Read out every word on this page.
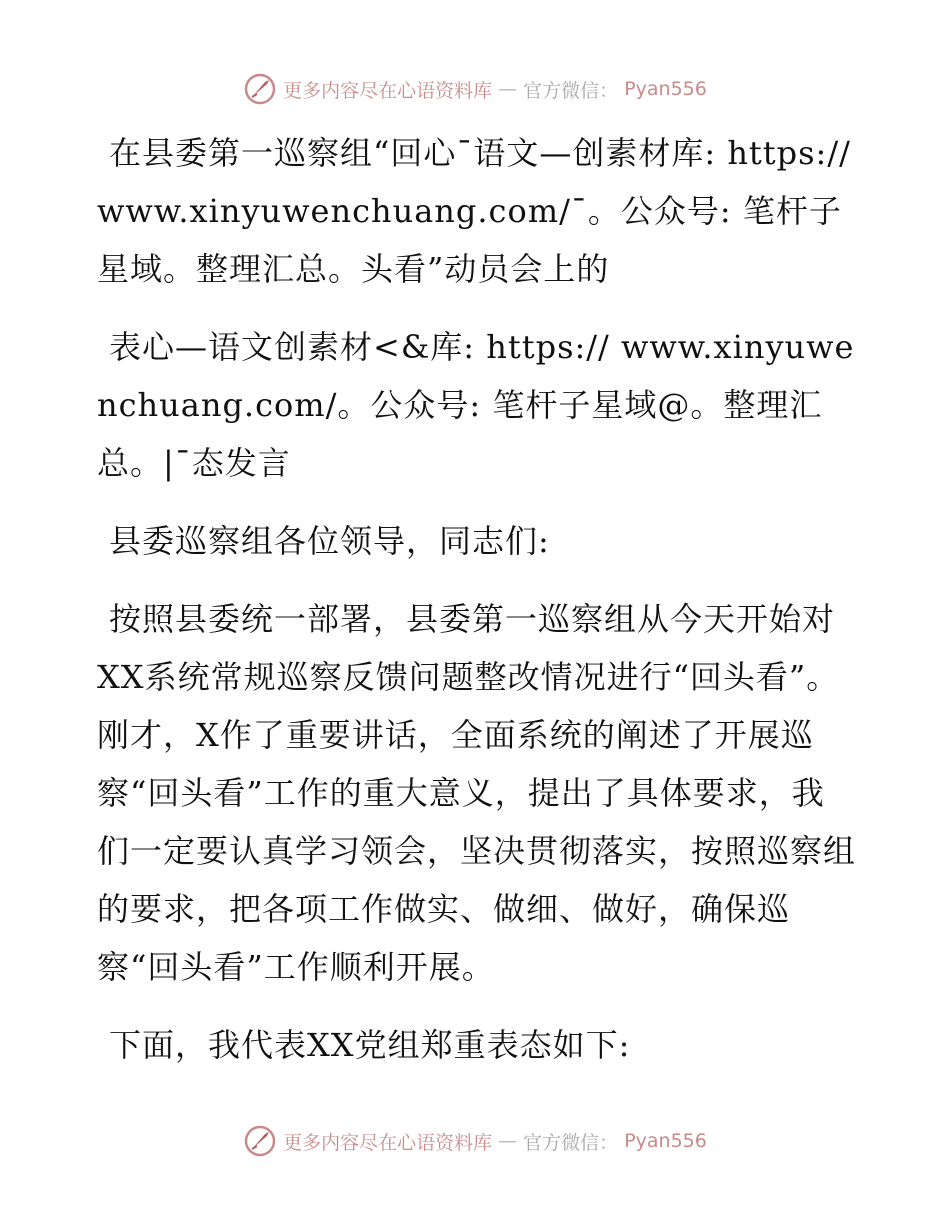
更多内容尽在心语资料库 — 官方微信： Pyan556

在县委第一巡察组“回心¯语文—创素材库: https://www.xinyuwenchuang.com/¯。公众号: 笔杆子星域。整理汇总。头看”动员会上的

表心—语文创素材<&库: https:// www.xinyuwenchuang.com/。公众号: 笔杆子星域@。整理汇总。|¯态发言

县委巡察组各位领导，同志们:

按照县委统一部署，县委第一巡察组从今天开始对XX系统常规巡察反馈问题整改情况进行“回头看”。刚才，X作了重要讲话，全面系统的阐述了开展巡察“回头看”工作的重大意义，提出了具体要求，我们一定要认真学习领会，坚决贯彻落实，按照巡察组的要求，把各项工作做实、做细、做好，确保巡察“回头看”工作顺利开展。

下面，我代表XX党组郑重表态如下:

更多内容尽在心语资料库 — 官方微信： Pyan556
